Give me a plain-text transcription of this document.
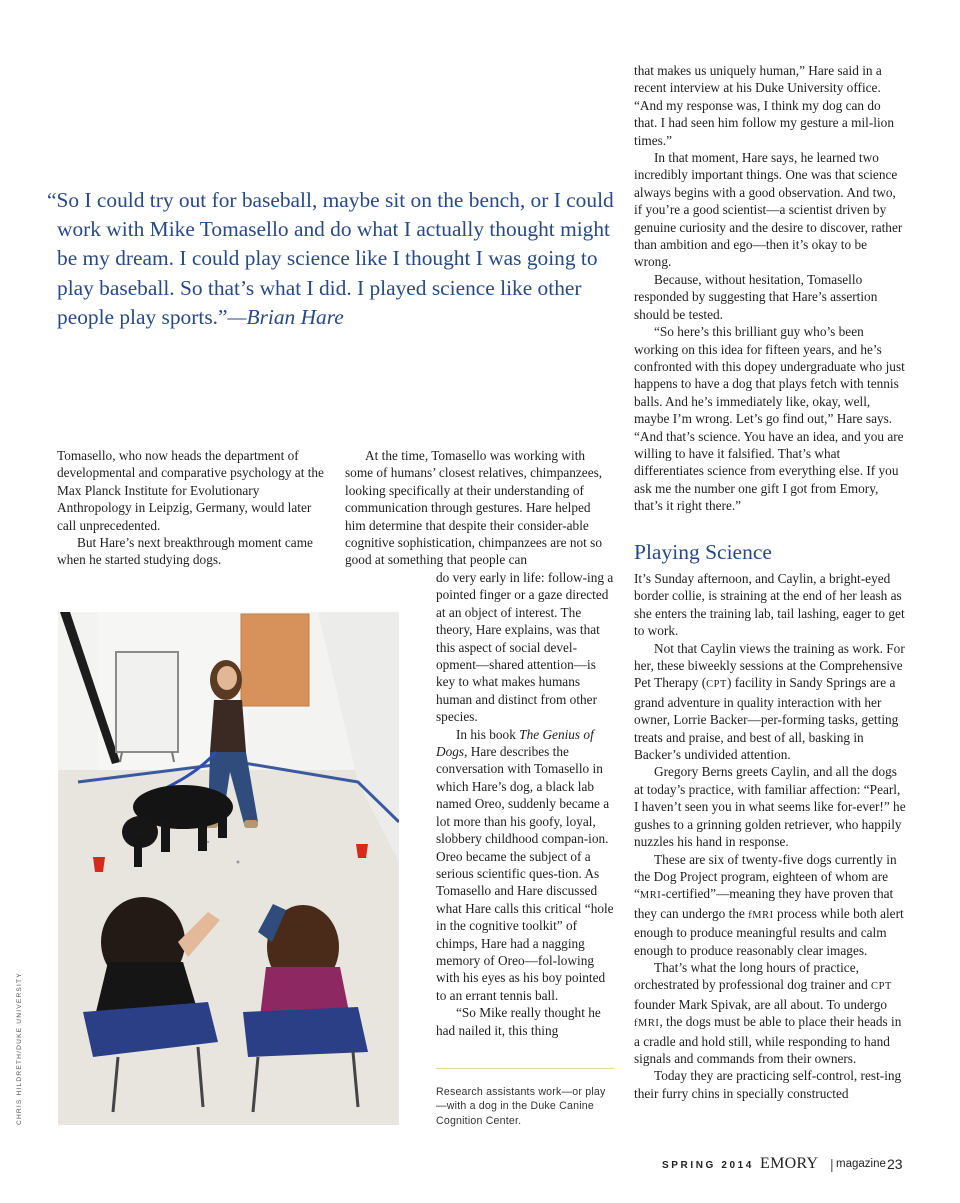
“So I could try out for baseball, maybe sit on the bench, or I could work with Mike Tomasello and do what I actually thought might be my dream. I could play science like I thought I was going to play baseball. So that’s what I did. I played science like other people play sports.”—Brian Hare

Tomasello, who now heads the department of developmental and comparative psychology at the Max Planck Institute for Evolutionary Anthropology in Leipzig, Germany, would later call unprecedented.

But Hare’s next breakthrough moment came when he started studying dogs.

At the time, Tomasello was working with some of humans’ closest relatives, chimpanzees, looking specifically at their understanding of communication through gestures. Hare helped him determine that despite their consider-able cognitive sophistication, chimpanzees are not so good at something that people can

do very early in life: follow-ing a pointed finger or a gaze directed at an object of interest. The theory, Hare explains, was that this aspect of social devel-opment—shared attention—is key to what makes humans human and distinct from other species.

In his book The Genius of Dogs, Hare describes the conversation with Tomasello in which Hare’s dog, a black lab named Oreo, suddenly became a lot more than his goofy, loyal, slobbery childhood compan-ion. Oreo became the subject of a serious scientific ques-tion. As Tomasello and Hare discussed what Hare calls this critical “hole in the cognitive toolkit” of chimps, Hare had a nagging memory of Oreo—fol-lowing with his eyes as his boy pointed to an errant tennis ball.

“So Mike really thought he had nailed it, this thing

CHRIS HILDRETH/DUKE UNIVERSITY	Research assistants work—or play—with a dog in the Duke Canine Cognition Center.

that makes us uniquely human,” Hare said in a recent interview at his Duke University office. “And my response was, I think my dog can do that. I had seen him follow my gesture a mil-lion times.”

In that moment, Hare says, he learned two incredibly important things. One was that science always begins with a good observation. And two, if you’re a good scientist—a scientist driven by genuine curiosity and the desire to discover, rather than ambition and ego—then it’s okay to be wrong.

Because, without hesitation, Tomasello responded by suggesting that Hare’s assertion should be tested.

“So here’s this brilliant guy who’s been working on this idea for fifteen years, and he’s confronted with this dopey undergraduate who just happens to have a dog that plays fetch with tennis balls. And he’s immediately like, okay, well, maybe I’m wrong. Let’s go find out,” Hare says. “And that’s science. You have an idea, and you are willing to have it falsified. That’s what differentiates science from everything else. If you ask me the number one gift I got from Emory, that’s it right there.”

Playing Science

It’s Sunday afternoon, and Caylin, a bright-eyed border collie, is straining at the end of her leash as she enters the training lab, tail lashing, eager to get to work.

Not that Caylin views the training as work. For her, these biweekly sessions at the Comprehensive Pet Therapy (CPT) facility in Sandy Springs are a grand adventure in quality interaction with her owner, Lorrie Backer—per-forming tasks, getting treats and praise, and best of all, basking in Backer’s undivided attention.

Gregory Berns greets Caylin, and all the dogs at today’s practice, with familiar affection: “Pearl, I haven’t seen you in what seems like for-ever!” he gushes to a grinning golden retriever, who happily nuzzles his hand in response.

These are six of twenty-five dogs currently in the Dog Project program, eighteen of whom are “MRI-certified”—meaning they have proven that they can undergo the fMRI process while both alert enough to produce meaningful results and calm enough to produce reasonably clear images.

That’s what the long hours of practice, orchestrated by professional dog trainer and CPT founder Mark Spivak, are all about. To undergo fMRI, the dogs must be able to place their heads in a cradle and hold still, while responding to hand signals and commands from their owners.

Today they are practicing self-control, rest-ing their furry chins in specially constructed

SPRING 2014 EMORY | magazine 23
